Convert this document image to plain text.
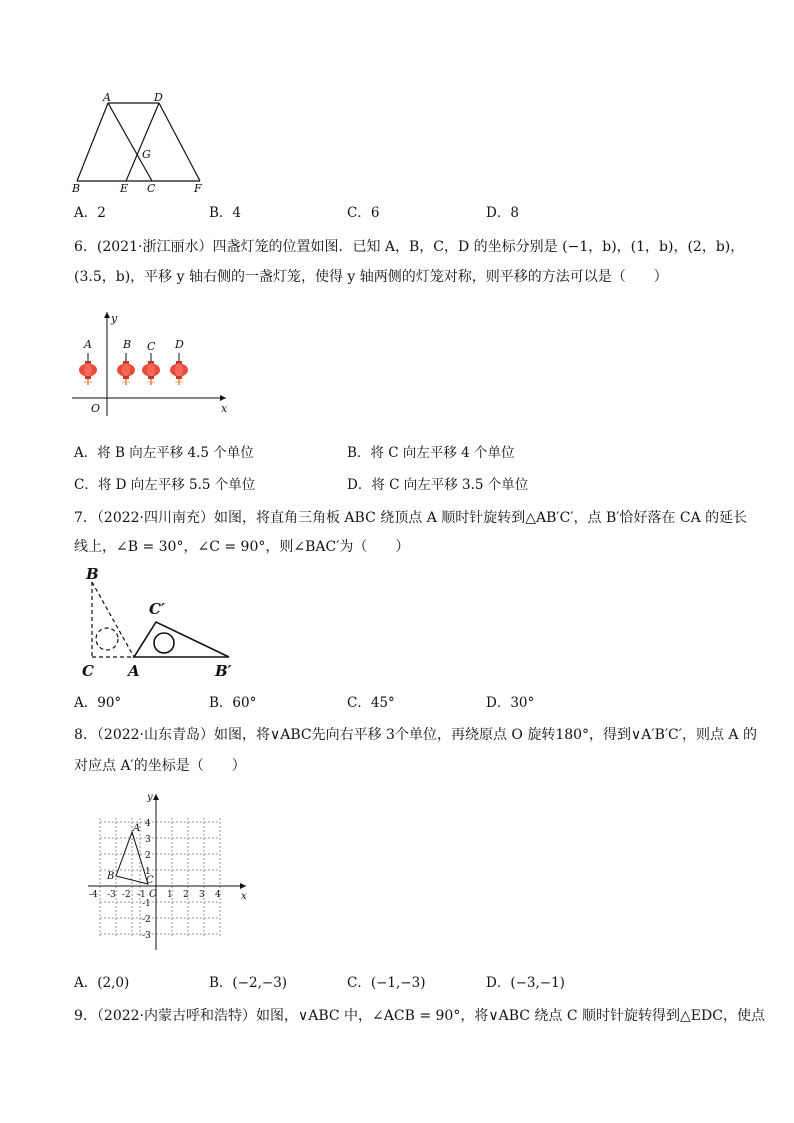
A	D
G
B	E C	F
A．2	B．4	C．6	D．8
6．(2021·浙江丽水）四盏灯笼的位置如图．已知 A，B，C，D 的坐标分别是 (−1，b)，(1，b)，(2，b)，
(3.5，b)，平移 y 轴右侧的一盏灯笼，使得 y 轴两侧的灯笼对称，则平移的方法可以是（　　）
y
A	B C D
O	x
A．将 B 向左平移 4.5 个单位	B．将 C 向左平移 4 个单位
C．将 D 向左平移 5.5 个单位	D．将 C 向左平移 3.5 个单位
7．（2022·四川南充）如图，将直角三角板 ABC 绕顶点 A 顺时针旋转到△AB′C′，点 B′恰好落在 CA 的延长
线上，∠B = 30°，∠C = 90°，则∠BAC′为（　　）
B
C′
C A	B′
A．90°	B．60°	C．45°	D．30°
8．（2022·山东青岛）如图，将∨ABC先向右平移 3个单位，再绕原点 O 旋转180°，得到∨A′B′C′，则点 A 的
对应点 A′的坐标是（　　）
-4 -3 -2 -1 1 2 3 4
4
3
2
1
-1
-2
-3
y
x
O
A
B	C
A．(2,0)	B．(−2,−3)	C．(−1,−3)	D．(−3,−1)
9．（2022·内蒙古呼和浩特）如图，∨ABC 中，∠ACB = 90°，将∨ABC 绕点 C 顺时针旋转得到△EDC，使点
